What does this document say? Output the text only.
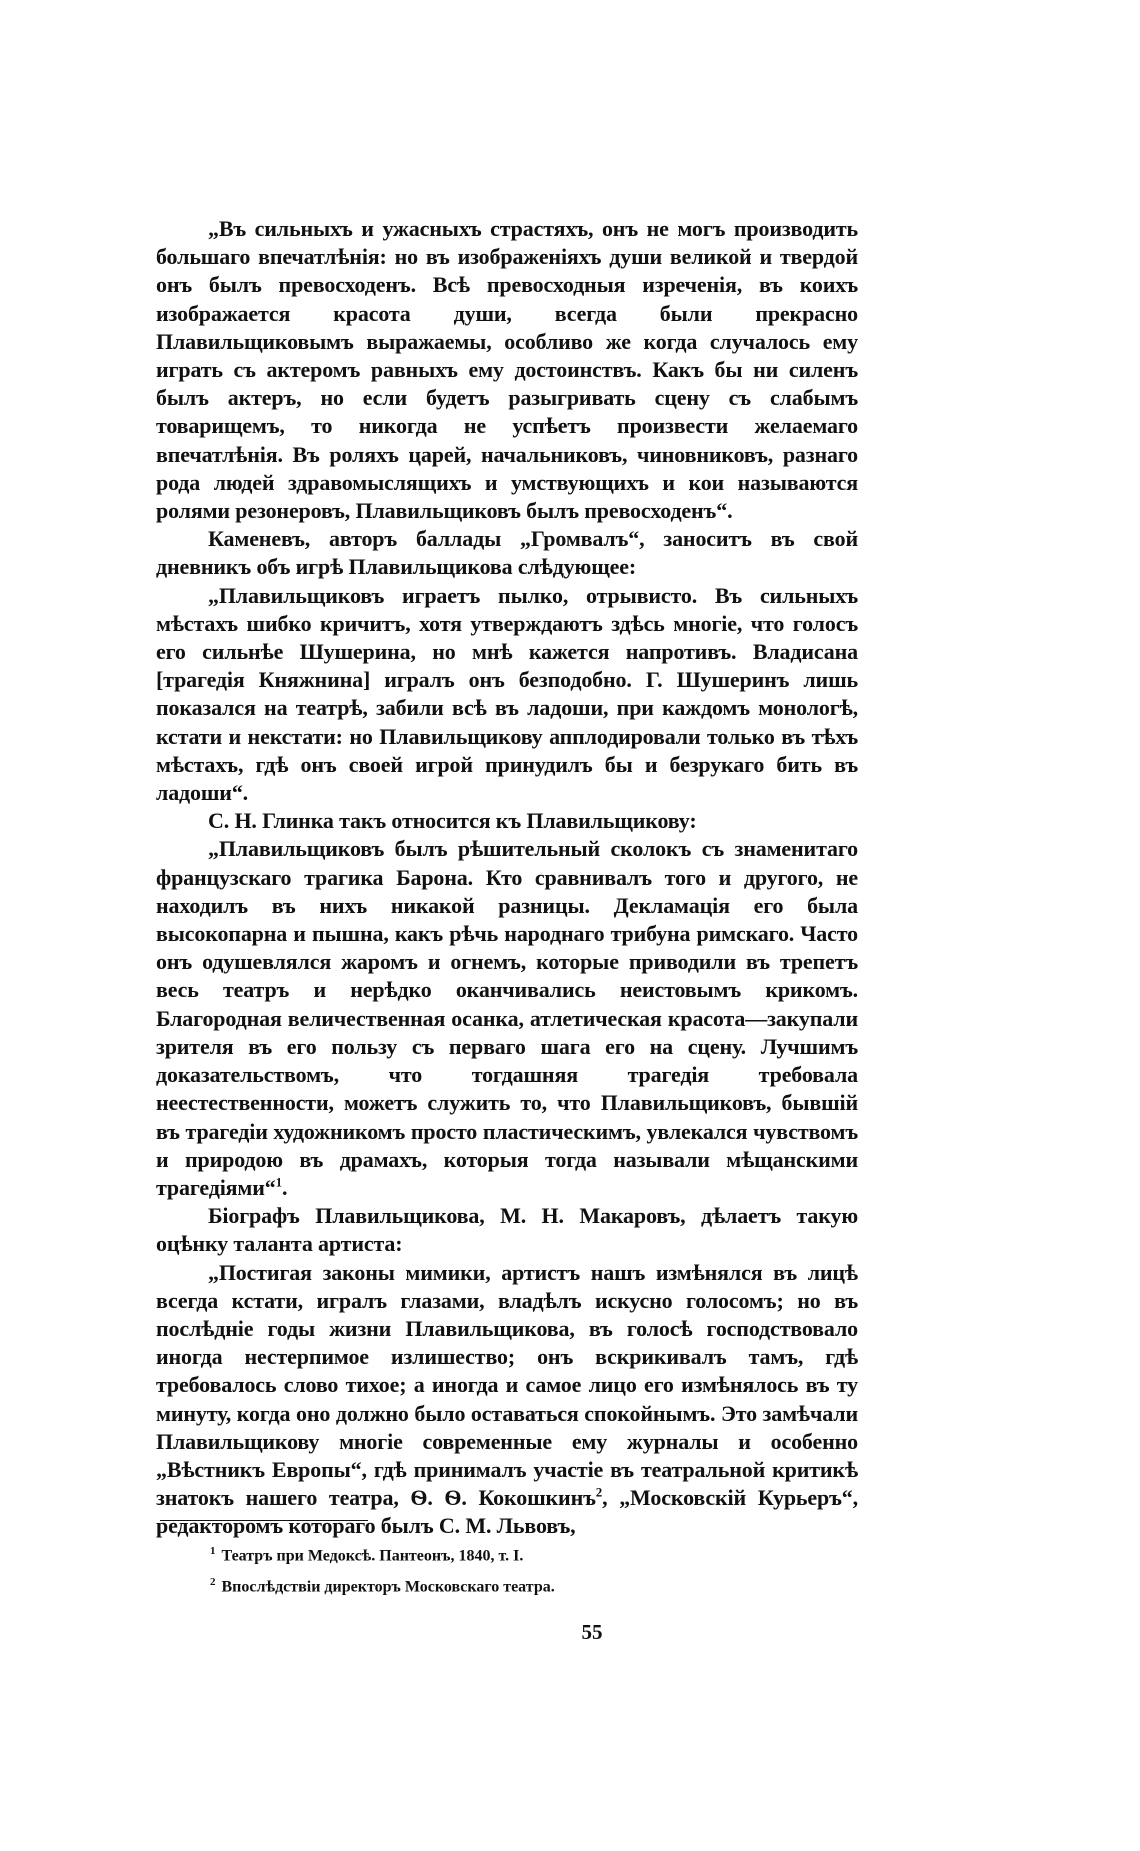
„Въ сильныхъ и ужасныхъ страстяхъ, онъ не могъ производить большаго впечатлѣнія: но въ изображеніяхъ души великой и твердой онъ былъ превосходенъ. Всѣ превосходныя изреченія, въ коихъ изображается красота души, всегда были прекрасно Плавильщиковымъ выражаемы, особливо же когда случалось ему играть съ актеромъ равныхъ ему достоинствъ. Какъ бы ни силенъ былъ актеръ, но если будетъ разыгривать сцену съ слабымъ товарищемъ, то никогда не успѣетъ произвести желаемаго впечатлѣнія. Въ роляхъ царей, начальниковъ, чиновниковъ, разнаго рода людей здравомыслящихъ и умствующихъ и кои называются ролями резонеровъ, Плавильщиковъ былъ превосходенъ“.

Каменевъ, авторъ баллады „Громвалъ“, заноситъ въ свой дневникъ объ игрѣ Плавильщикова слѣдующее:

„Плавильщиковъ играетъ пылко, отрывисто. Въ сильныхъ мѣстахъ шибко кричитъ, хотя утверждаютъ здѣсь многіе, что голосъ его сильнѣе Шушерина, но мнѣ кажется напротивъ. Владисана [трагедія Княжнина] игралъ онъ безподобно. Г. Шушеринъ лишь показался на театрѣ, забили всѣ въ ладоши, при каждомъ монологѣ, кстати и некстати: но Плавильщикову апплодировали только въ тѣхъ мѣстахъ, гдѣ онъ своей игрой принудилъ бы и безрукаго бить въ ладоши“.

С. Н. Глинка такъ относится къ Плавильщикову:

„Плавильщиковъ былъ рѣшительный сколокъ съ знаменитаго французскаго трагика Барона. Кто сравнивалъ того и другого, не находилъ въ нихъ никакой разницы. Декламація его была высокопарна и пышна, какъ рѣчь народнаго трибуна римскаго. Часто онъ одушевлялся жаромъ и огнемъ, которые приводили въ трепетъ весь театръ и нерѣдко оканчивались неистовымъ крикомъ. Благородная величественная осанка, атлетическая красота—закупали зрителя въ его пользу съ перваго шага его на сцену. Лучшимъ доказательствомъ, что тогдашняя трагедія требовала неестественности, можетъ служить то, что Плавильщиковъ, бывшій въ трагедіи художникомъ просто пластическимъ, увлекался чувствомъ и природою въ драмахъ, которыя тогда называли мѣщанскими трагедіями“$^1$.

Біографъ Плавильщикова, М. Н. Макаровъ, дѣлаетъ такую оцѣнку таланта артиста:

„Постигая законы мимики, артистъ нашъ измѣнялся въ лицѣ всегда кстати, игралъ глазами, владѣлъ искусно голосомъ; но въ послѣдніе годы жизни Плавильщикова, въ голосѣ господствовало иногда нестерпимое излишество; онъ вскрикивалъ тамъ, гдѣ требовалось слово тихое; а иногда и самое лицо его измѣнялось въ ту минуту, когда оно должно было оставаться спокойнымъ. Это замѣчали Плавильщикову многіе современные ему журналы и особенно „Вѣстникъ Европы“, гдѣ принималъ участіе въ театральной критикѣ знатокъ нашего театра, Ѳ. Ѳ. Кокошкинъ$^2$, „Московскій Курьеръ“, редакторомъ котораго былъ С. М. Львовъ,

$^1$ Театръ при Медоксѣ. Пантеонъ, 1840, т. I.

$^2$ Впослѣдствіи директоръ Московскаго театра.

55
